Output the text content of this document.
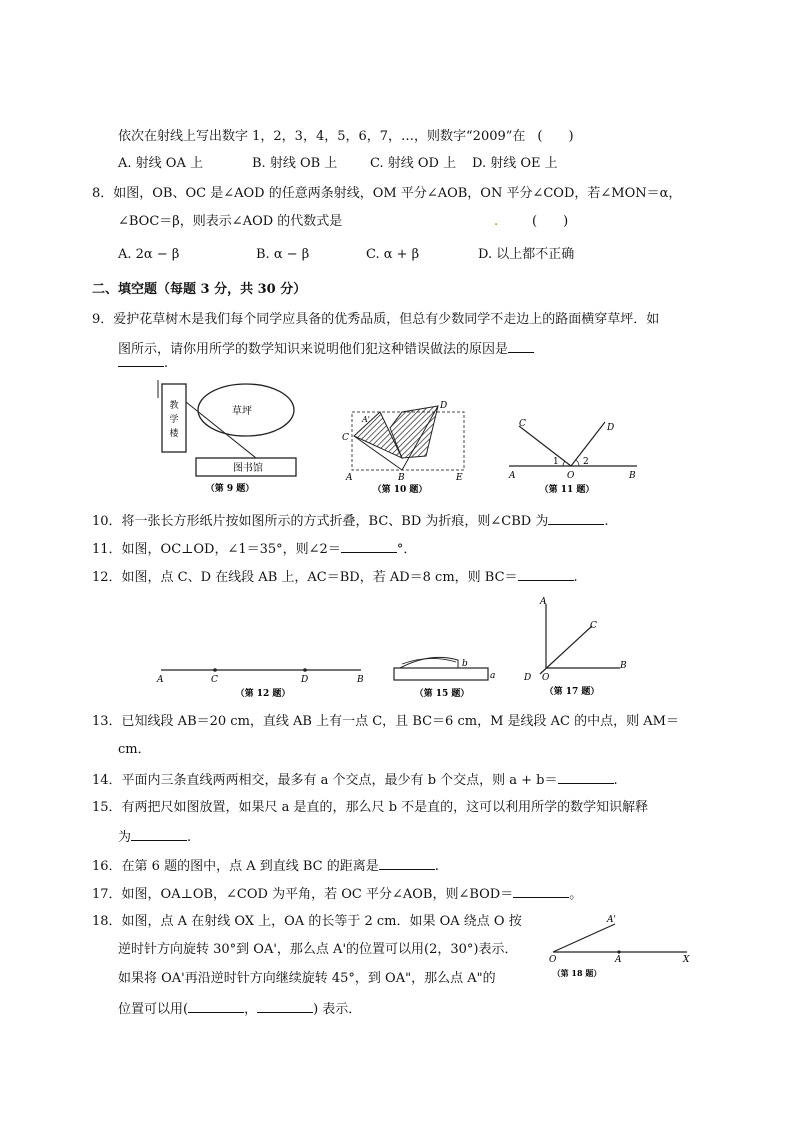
依次在射线上写出数字 1，2，3，4，5，6，7，…，则数字“2009”在 (　　)
A. 射线 OA 上	B. 射线 OB 上	C. 射线 OD 上 D. 射线 OE 上
8．如图，OB、OC 是∠AOD 的任意两条射线，OM 平分∠AOB，ON 平分∠COD，若∠MON＝α，
∠BOC＝β，则表示∠AOD 的代数式是	.	(　　)
A. 2α − β	B. α − β	C. α + β	D. 以上都不正确
二、填空题（每题 3 分，共 30 分）
9．爱护花草树木是我们每个同学应具备的优秀品质，但总有少数同学不走边上的路面横穿草坪．如
图所示，请你用所学的数学知识来说明他们犯这种错误做法的原因是
.
教
学
楼
草坪
图书馆
（第 9 题）
A	B
C
D
E
A'
（第 10 题）
A	B
C	D
O
1	2
（第 11 题）
10．将一张长方形纸片按如图所示的方式折叠，BC、BD 为折痕，则∠CBD 为	.
11．如图，OC⊥OD，∠1＝35°，则∠2＝	°．
12．如图，点 C、D 在线段 AB 上，AC＝BD，若 AD＝8 cm，则 BC＝	.
A	C	D	B
（第 12 题）
b
a
（第 15 题）
A
C
B
D O
（第 17 题）
13．已知线段 AB＝20 cm，直线 AB 上有一点 C，且 BC＝6 cm，M 是线段 AC 的中点，则 AM＝
cm．
14．平面内三条直线两两相交，最多有 a 个交点，最少有 b 个交点，则 a + b＝	.
15．有两把尺如图放置，如果尺 a 是直的，那么尺 b 不是直的，这可以利用所学的数学知识解释
为	.
16．在第 6 题的图中，点 A 到直线 BC 的距离是	.
17．如图，OA⊥OB，∠COD 为平角，若 OC 平分∠AOB，则∠BOD＝	。
18．如图，点 A 在射线 OX 上，OA 的长等于 2 cm．如果 OA 绕点 O 按
逆时针方向旋转 30°到 OA'，那么点 A'的位置可以用(2，30°)表示．
如果将 OA'再沿逆时针方向继续旋转 45°，到 OA"，那么点 A"的
位置可以用(	，	) 表示．
A'
O	A	X
（第 18 题）
